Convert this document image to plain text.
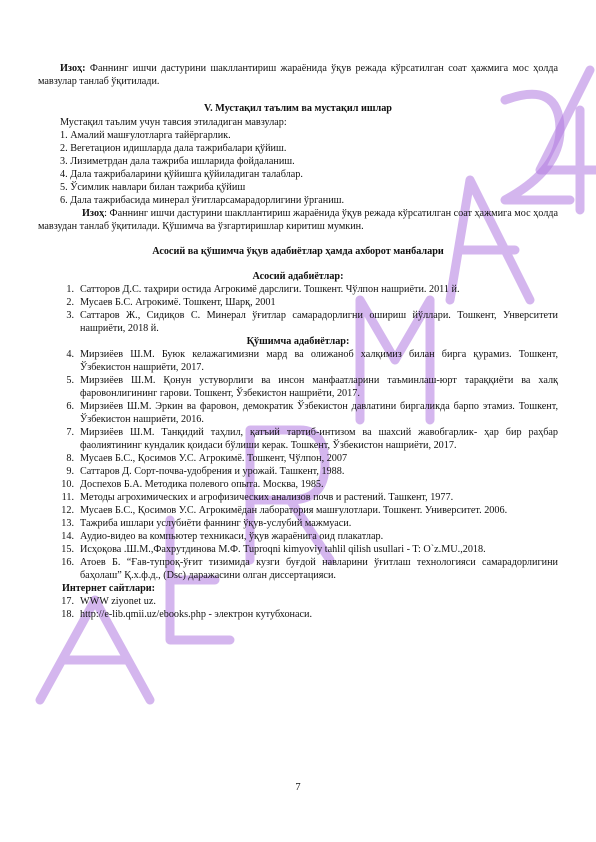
Изоҳ: Фаннинг ишчи дастурини шакллантириш жараёнида ўқув режада кўрсатилган соат ҳажмига мос ҳолда мавзулар танлаб ўқитилади.

V. Мустақил таълим ва мустақил ишлар
Мустақил таълим учун тавсия этиладиган мавзулар:
1. Амалий машғулотларга тайёргарлик.
2. Вегетацион идишларда дала тажрибалари қўйиш.
3. Лизиметрдан дала тажриба ишларида фойдаланиш.
4. Дала тажрибаларини қўйишга қўйиладиган талаблар.
5. Ўсимлик навлари билан тажриба қўйиш
6. Дала тажрибасида минерал ўғитларсамарадорлигини ўрганиш.

Изоҳ: Фаннинг ишчи дастурини шакллантириш жараёнида ўқув режада кўрсатилган соат ҳажмига мос ҳолда мавзудан танлаб ўқитилади. Қўшимча ва ўзгартиришлар киритиш мумкин.

Асосий ва қўшимча ўқув адабиётлар ҳамда ахборот манбалари
Асосий адабиётлар:
1. Сатторов Д.С. таҳрири остида Агрокимё дарслиги. Тошкент. Чўлпон нашриёти. 2011 й.
2. Мусаев Б.С. Агрокимё. Тошкент, Шарқ, 2001
3. Саттаров Ж., Сидиқов С. Минерал ўғитлар самарадорлигни ошириш йўллари. Тошкент, Унверситети нашриёти, 2018 й.
Қўшимча адабиётлар:
4. Мирзиёев Ш.М. Буюк келажагимизни мард ва олижаноб халқимиз билан бирга қурамиз. Тошкент, Ўзбекистон нашриёти, 2017.
5. Мирзиёев Ш.М. Қонун устуворлиги ва инсон манфаатларини таъминлаш-юрт тараққиёти ва халқ фаровонлигининг гарови. Тошкент, Ўзбекистон нашриёти, 2017.
6. Мирзиёев Ш.М. Эркин ва фаровон, демократик Ўзбекистон давлатини биргаликда барпо этамиз. Тошкент, Ўзбекистон нашриёти, 2016.
7. Мирзиёев Ш.М. Танқидий таҳлил, қатъий тартиб-интизом ва шахсий жавобгарлик- ҳар бир раҳбар фаолиятининг кундалик қоидаси бўлиши керак. Тошкент, Ўзбекистон нашриёти, 2017.
8. Мусаев Б.С., Қосимов У.С. Агрокимё. Тошкент, Чўлпон, 2007
9. Саттаров Д. Сорт-почва-удобрения и урожай. Ташкент, 1988.
10. Доспехов Б.А. Методика полевого опыта. Москва, 1985.
11. Методы агрохимических и агрофизических анализов почв и растений. Ташкент, 1977.
12. Мусаев Б.С., Қосимов У.С. Агрокимёдан лаборатория машғулотлари. Тошкент. Университет. 2006.
13. Тажриба ишлари услубиёти фаннинг ўқув-услубий мажмуаси.
14. Аудио-видео ва компьютер техникаси, ўқув жараёнига оид плакатлар.
15. Исҳоқова .Ш.М.,Фахрутдинова М.Ф. Tuproqni kimyoviy tahlil qilish usullari - T: O`z.MU.,2018.
16. Атоев Б. “Ғав-тупроқ-ўғит тизимида кузги буғдой навларини ўғитлаш технологияси самарадорлигини баҳолаш” Қ.х.ф.д., (Dsc) даражасини олган диссертацияси.
Интернет сайтлари:
17. WWW ziyonet uz.
18. http://e-lib.qmii.uz/ebooks.php - электрон кутубхонаси.
7
